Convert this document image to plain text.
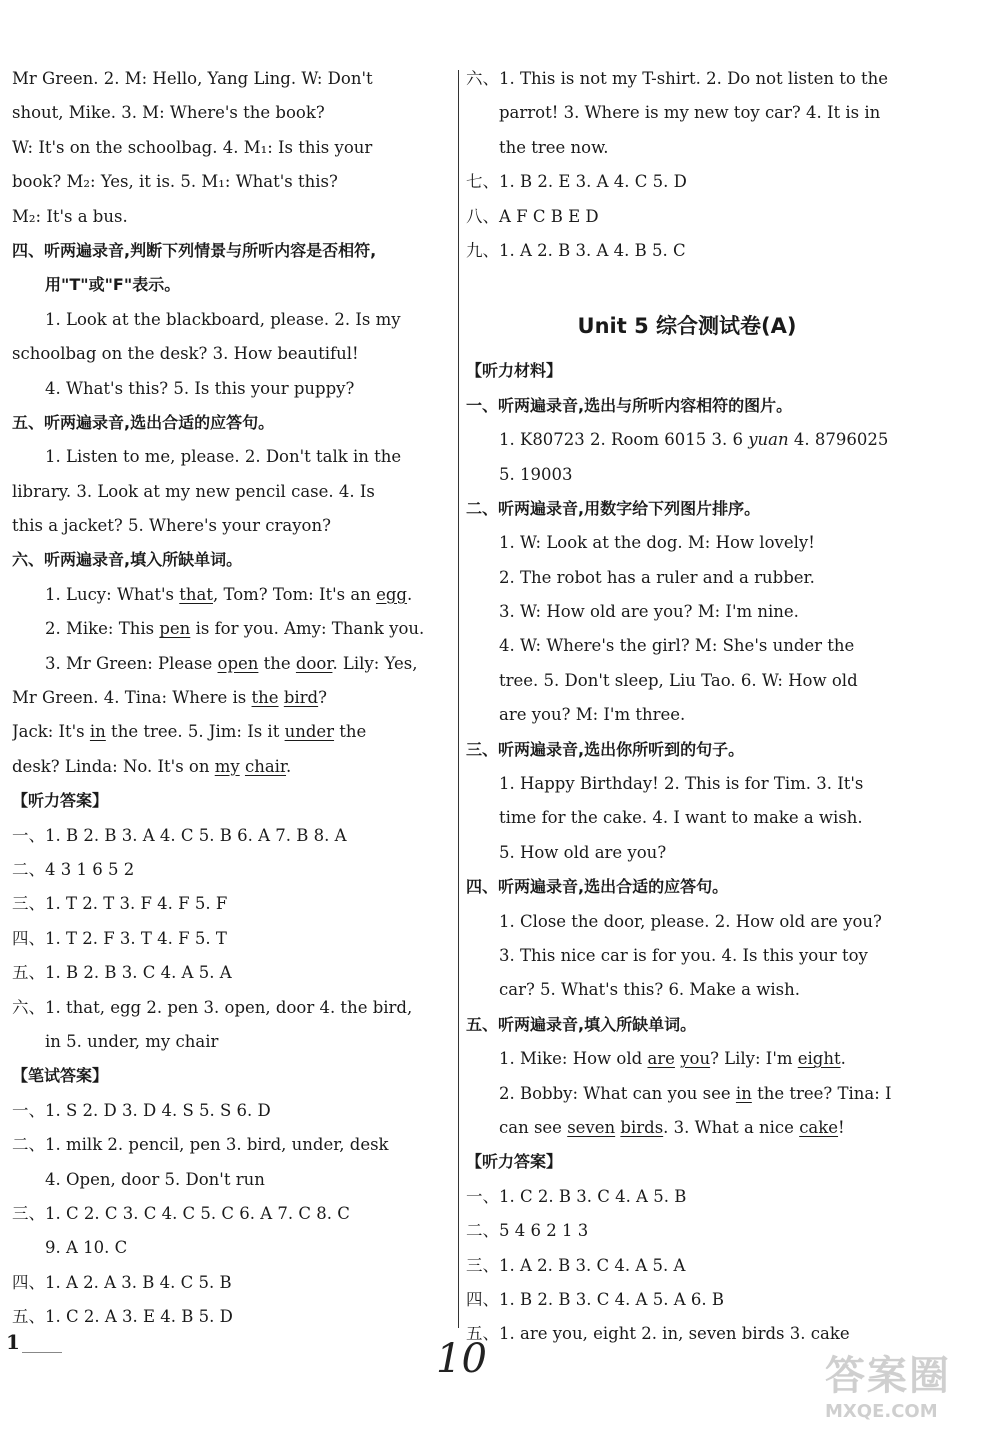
Mr Green. 2. M: Hello, Yang Ling. W: Don't
shout, Mike. 3. M: Where's the book?
W: It's on the schoolbag. 4. M₁: Is this your
book? M₂: Yes, it is. 5. M₁: What's this?
M₂: It's a bus.
四、听两遍录音,判断下列情景与所听内容是否相符,
用"T"或"F"表示。
1. Look at the blackboard, please. 2. Is my
schoolbag on the desk? 3. How beautiful!
4. What's this? 5. Is this your puppy?
五、听两遍录音,选出合适的应答句。
1. Listen to me, please. 2. Don't talk in the
library. 3. Look at my new pencil case. 4. Is
this a jacket? 5. Where's your crayon?
六、听两遍录音,填入所缺单词。
1. Lucy: What's that, Tom? Tom: It's an egg.
2. Mike: This pen is for you. Amy: Thank you.
3. Mr Green: Please open the door. Lily: Yes,
Mr Green. 4. Tina: Where is the bird?
Jack: It's in the tree. 5. Jim: Is it under the
desk? Linda: No. It's on my chair.
【听力答案】
一、1. B 2. B 3. A 4. C 5. B 6. A 7. B 8. A
二、4 3 1 6 5 2
三、1. T 2. T 3. F 4. F 5. F
四、1. T 2. F 3. T 4. F 5. T
五、1. B 2. B 3. C 4. A 5. A
六、1. that, egg 2. pen 3. open, door 4. the bird,
in 5. under, my chair
【笔试答案】
一、1. S 2. D 3. D 4. S 5. S 6. D
二、1. milk 2. pencil, pen 3. bird, under, desk
4. Open, door 5. Don't run
三、1. C 2. C 3. C 4. C 5. C 6. A 7. C 8. C
9. A 10. C
四、1. A 2. A 3. B 4. C 5. B
五、1. C 2. A 3. E 4. B 5. D
六、1. This is not my T-shirt. 2. Do not listen to the
parrot! 3. Where is my new toy car? 4. It is in
the tree now.
七、1. B 2. E 3. A 4. C 5. D
八、A F C B E D
九、1. A 2. B 3. A 4. B 5. C
Unit 5 综合测试卷(A)
【听力材料】
一、听两遍录音,选出与所听内容相符的图片。
1. K80723 2. Room 6015 3. 6 yuan 4. 8796025
5. 19003
二、听两遍录音,用数字给下列图片排序。
1. W: Look at the dog. M: How lovely!
2. The robot has a ruler and a rubber.
3. W: How old are you? M: I'm nine.
4. W: Where's the girl? M: She's under the
tree. 5. Don't sleep, Liu Tao. 6. W: How old
are you? M: I'm three.
三、听两遍录音,选出你所听到的句子。
1. Happy Birthday! 2. This is for Tim. 3. It's
time for the cake. 4. I want to make a wish.
5. How old are you?
四、听两遍录音,选出合适的应答句。
1. Close the door, please. 2. How old are you?
3. This nice car is for you. 4. Is this your toy
car? 5. What's this? 6. Make a wish.
五、听两遍录音,填入所缺单词。
1. Mike: How old are you? Lily: I'm eight.
2. Bobby: What can you see in the tree? Tina: I
can see seven birds. 3. What a nice cake!
【听力答案】
一、1. C 2. B 3. C 4. A 5. B
二、5 4 6 2 1 3
三、1. A 2. B 3. C 4. A 5. A
四、1. B 2. B 3. C 4. A 5. A 6. B
五、1. are you, eight 2. in, seven birds 3. cake
1	10	答案圈
MXQE.COM
